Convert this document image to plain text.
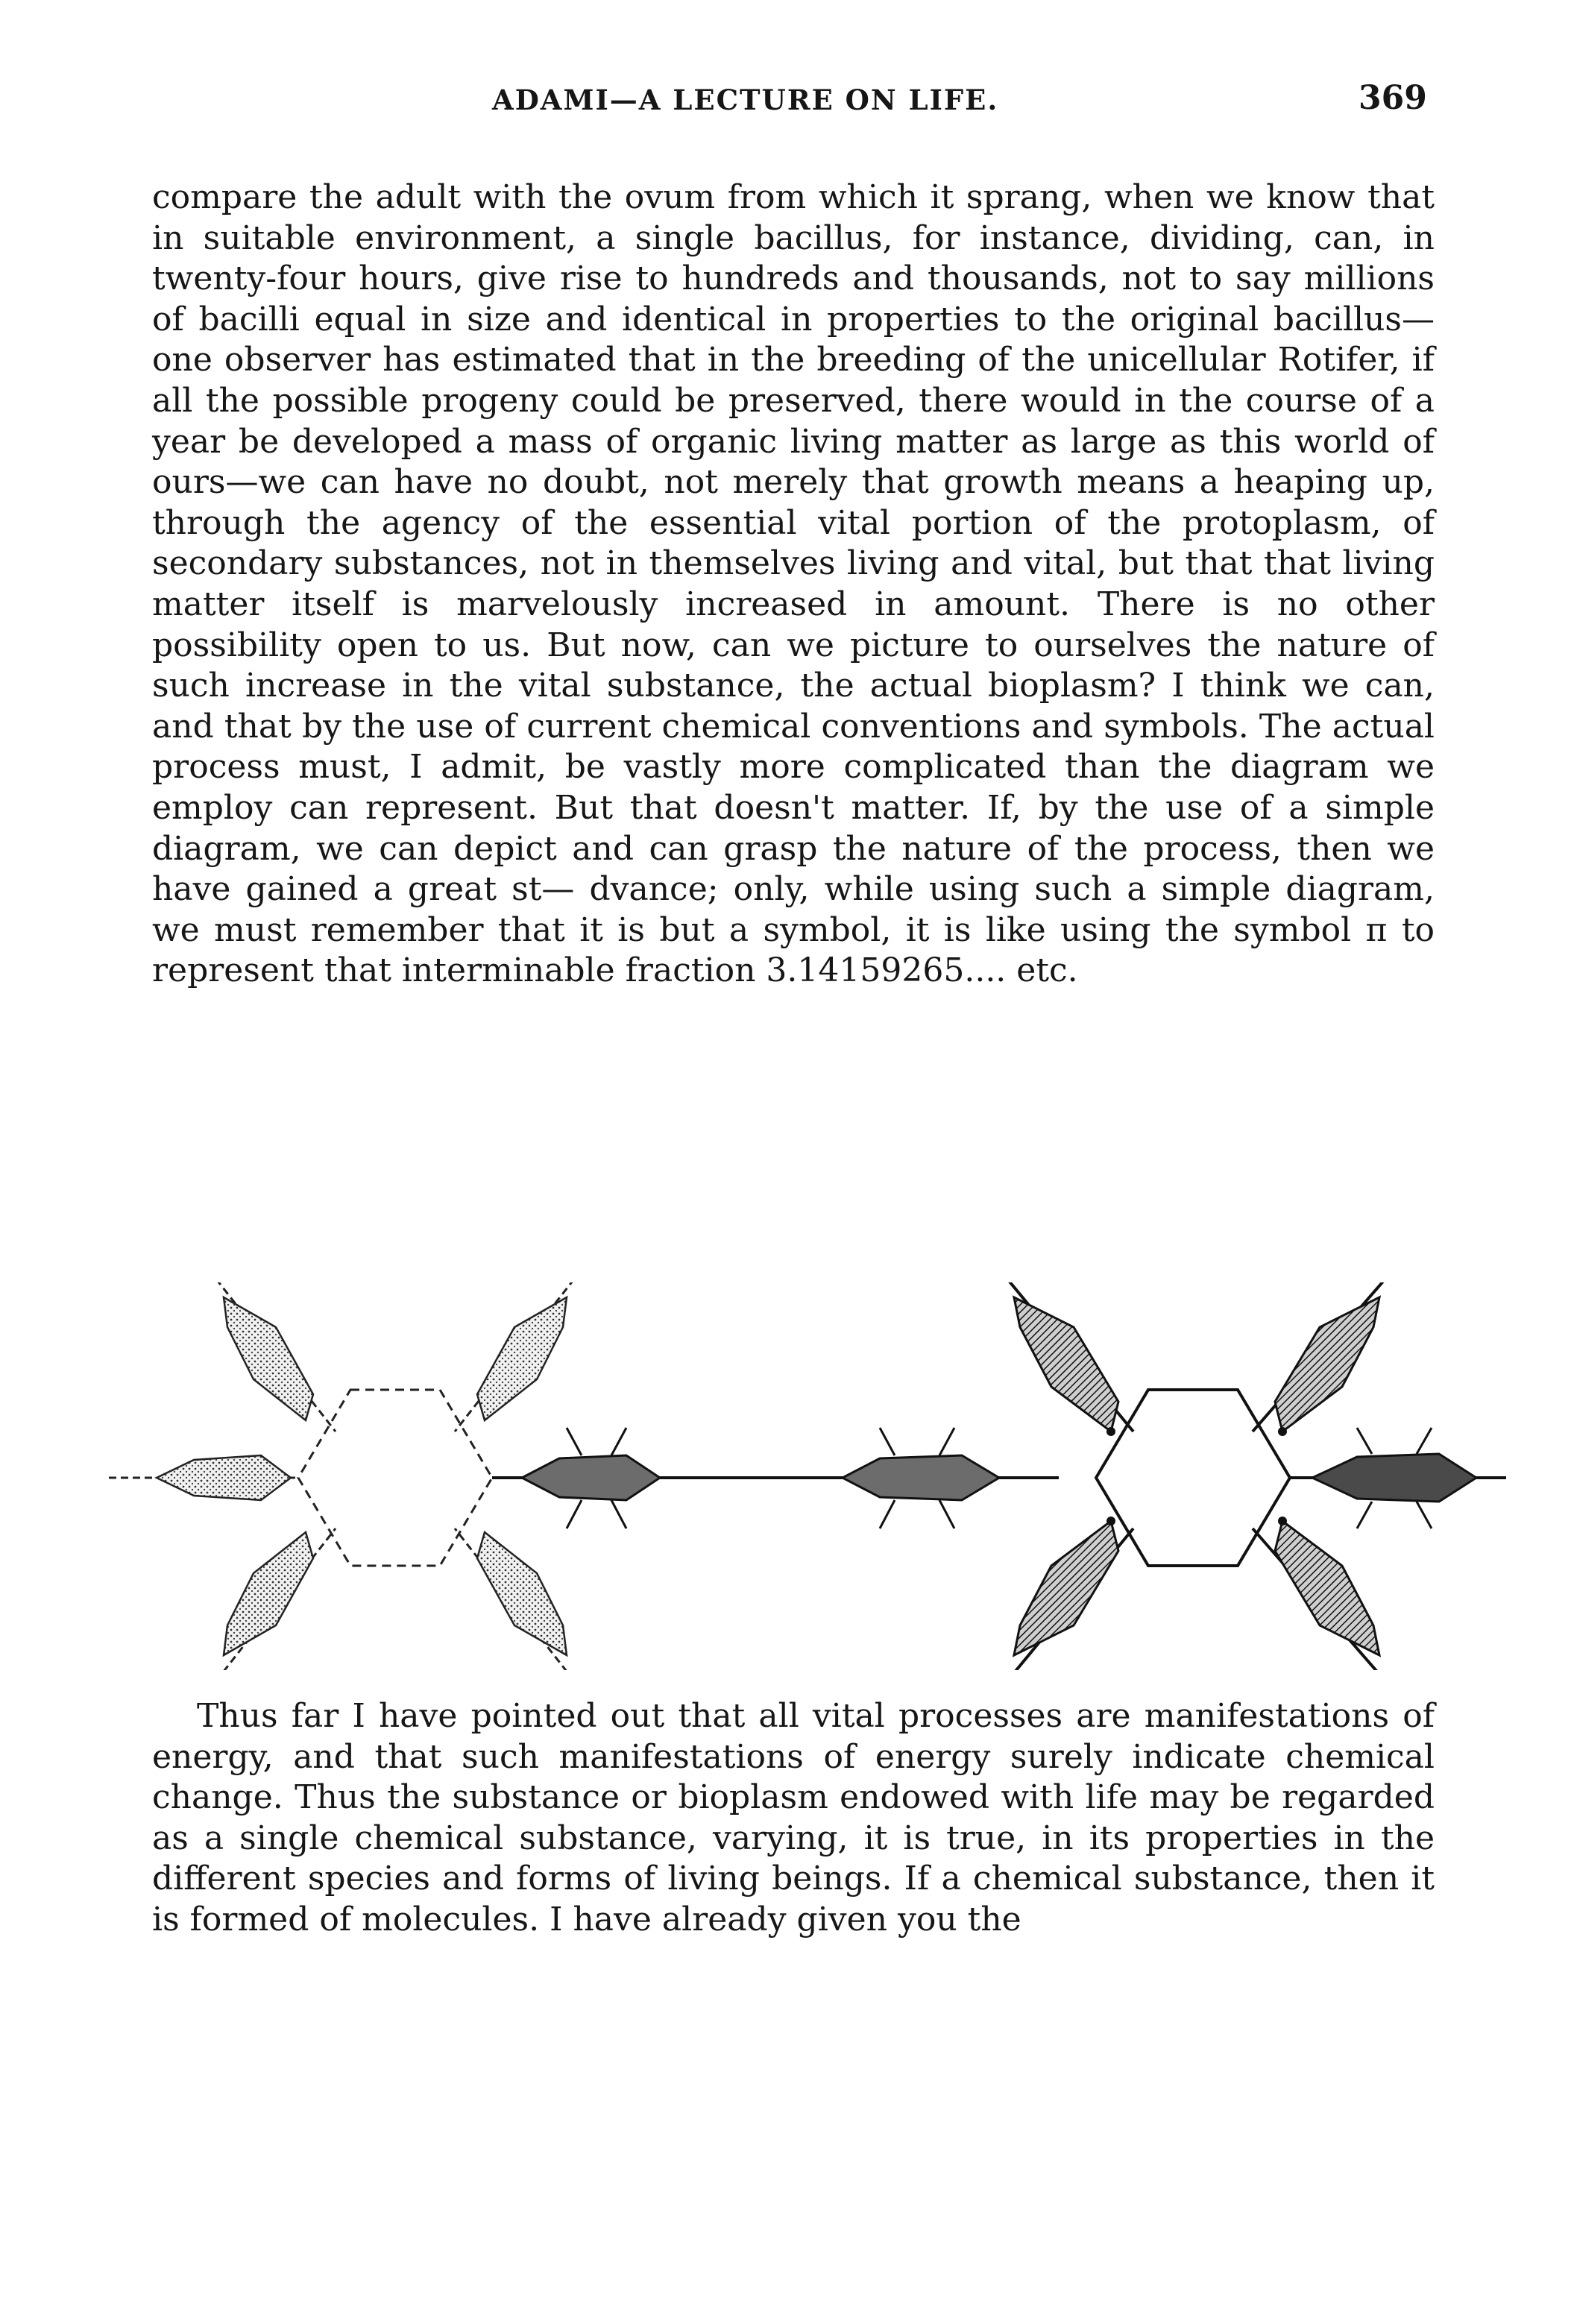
ADAMI—A LECTURE ON LIFE.	369

compare the adult with the ovum from which it sprang, when we know that in suitable environment, a single bacillus, for instance, dividing, can, in twenty-four hours, give rise to hundreds and thousands, not to say millions of bacilli equal in size and identical in properties to the original bacillus—one observer has estimated that in the breeding of the unicellular Rotifer, if all the possible progeny could be preserved, there would in the course of a year be developed a mass of organic living matter as large as this world of ours—we can have no doubt, not merely that growth means a heaping up, through the agency of the essential vital portion of the protoplasm, of secondary substances, not in themselves living and vital, but that that living matter itself is marvelously increased in amount. There is no other possibility open to us. But now, can we picture to ourselves the nature of such increase in the vital substance, the actual bioplasm? I think we can, and that by the use of current chemical conventions and symbols. The actual process must, I admit, be vastly more complicated than the diagram we employ can represent. But that doesn't matter. If, by the use of a simple diagram, we can depict and can grasp the nature of the process, then we have gained a great st— dvance; only, while using such a simple diagram, we must remember that it is but a symbol, it is like using the symbol π to represent that interminable fraction 3.14159265.... etc.

Thus far I have pointed out that all vital processes are manifestations of energy, and that such manifestations of energy surely indicate chemical change. Thus the substance or bioplasm endowed with life may be regarded as a single chemical substance, varying, it is true, in its properties in the different species and forms of living beings. If a chemical substance, then it is formed of molecules. I have already given you the
